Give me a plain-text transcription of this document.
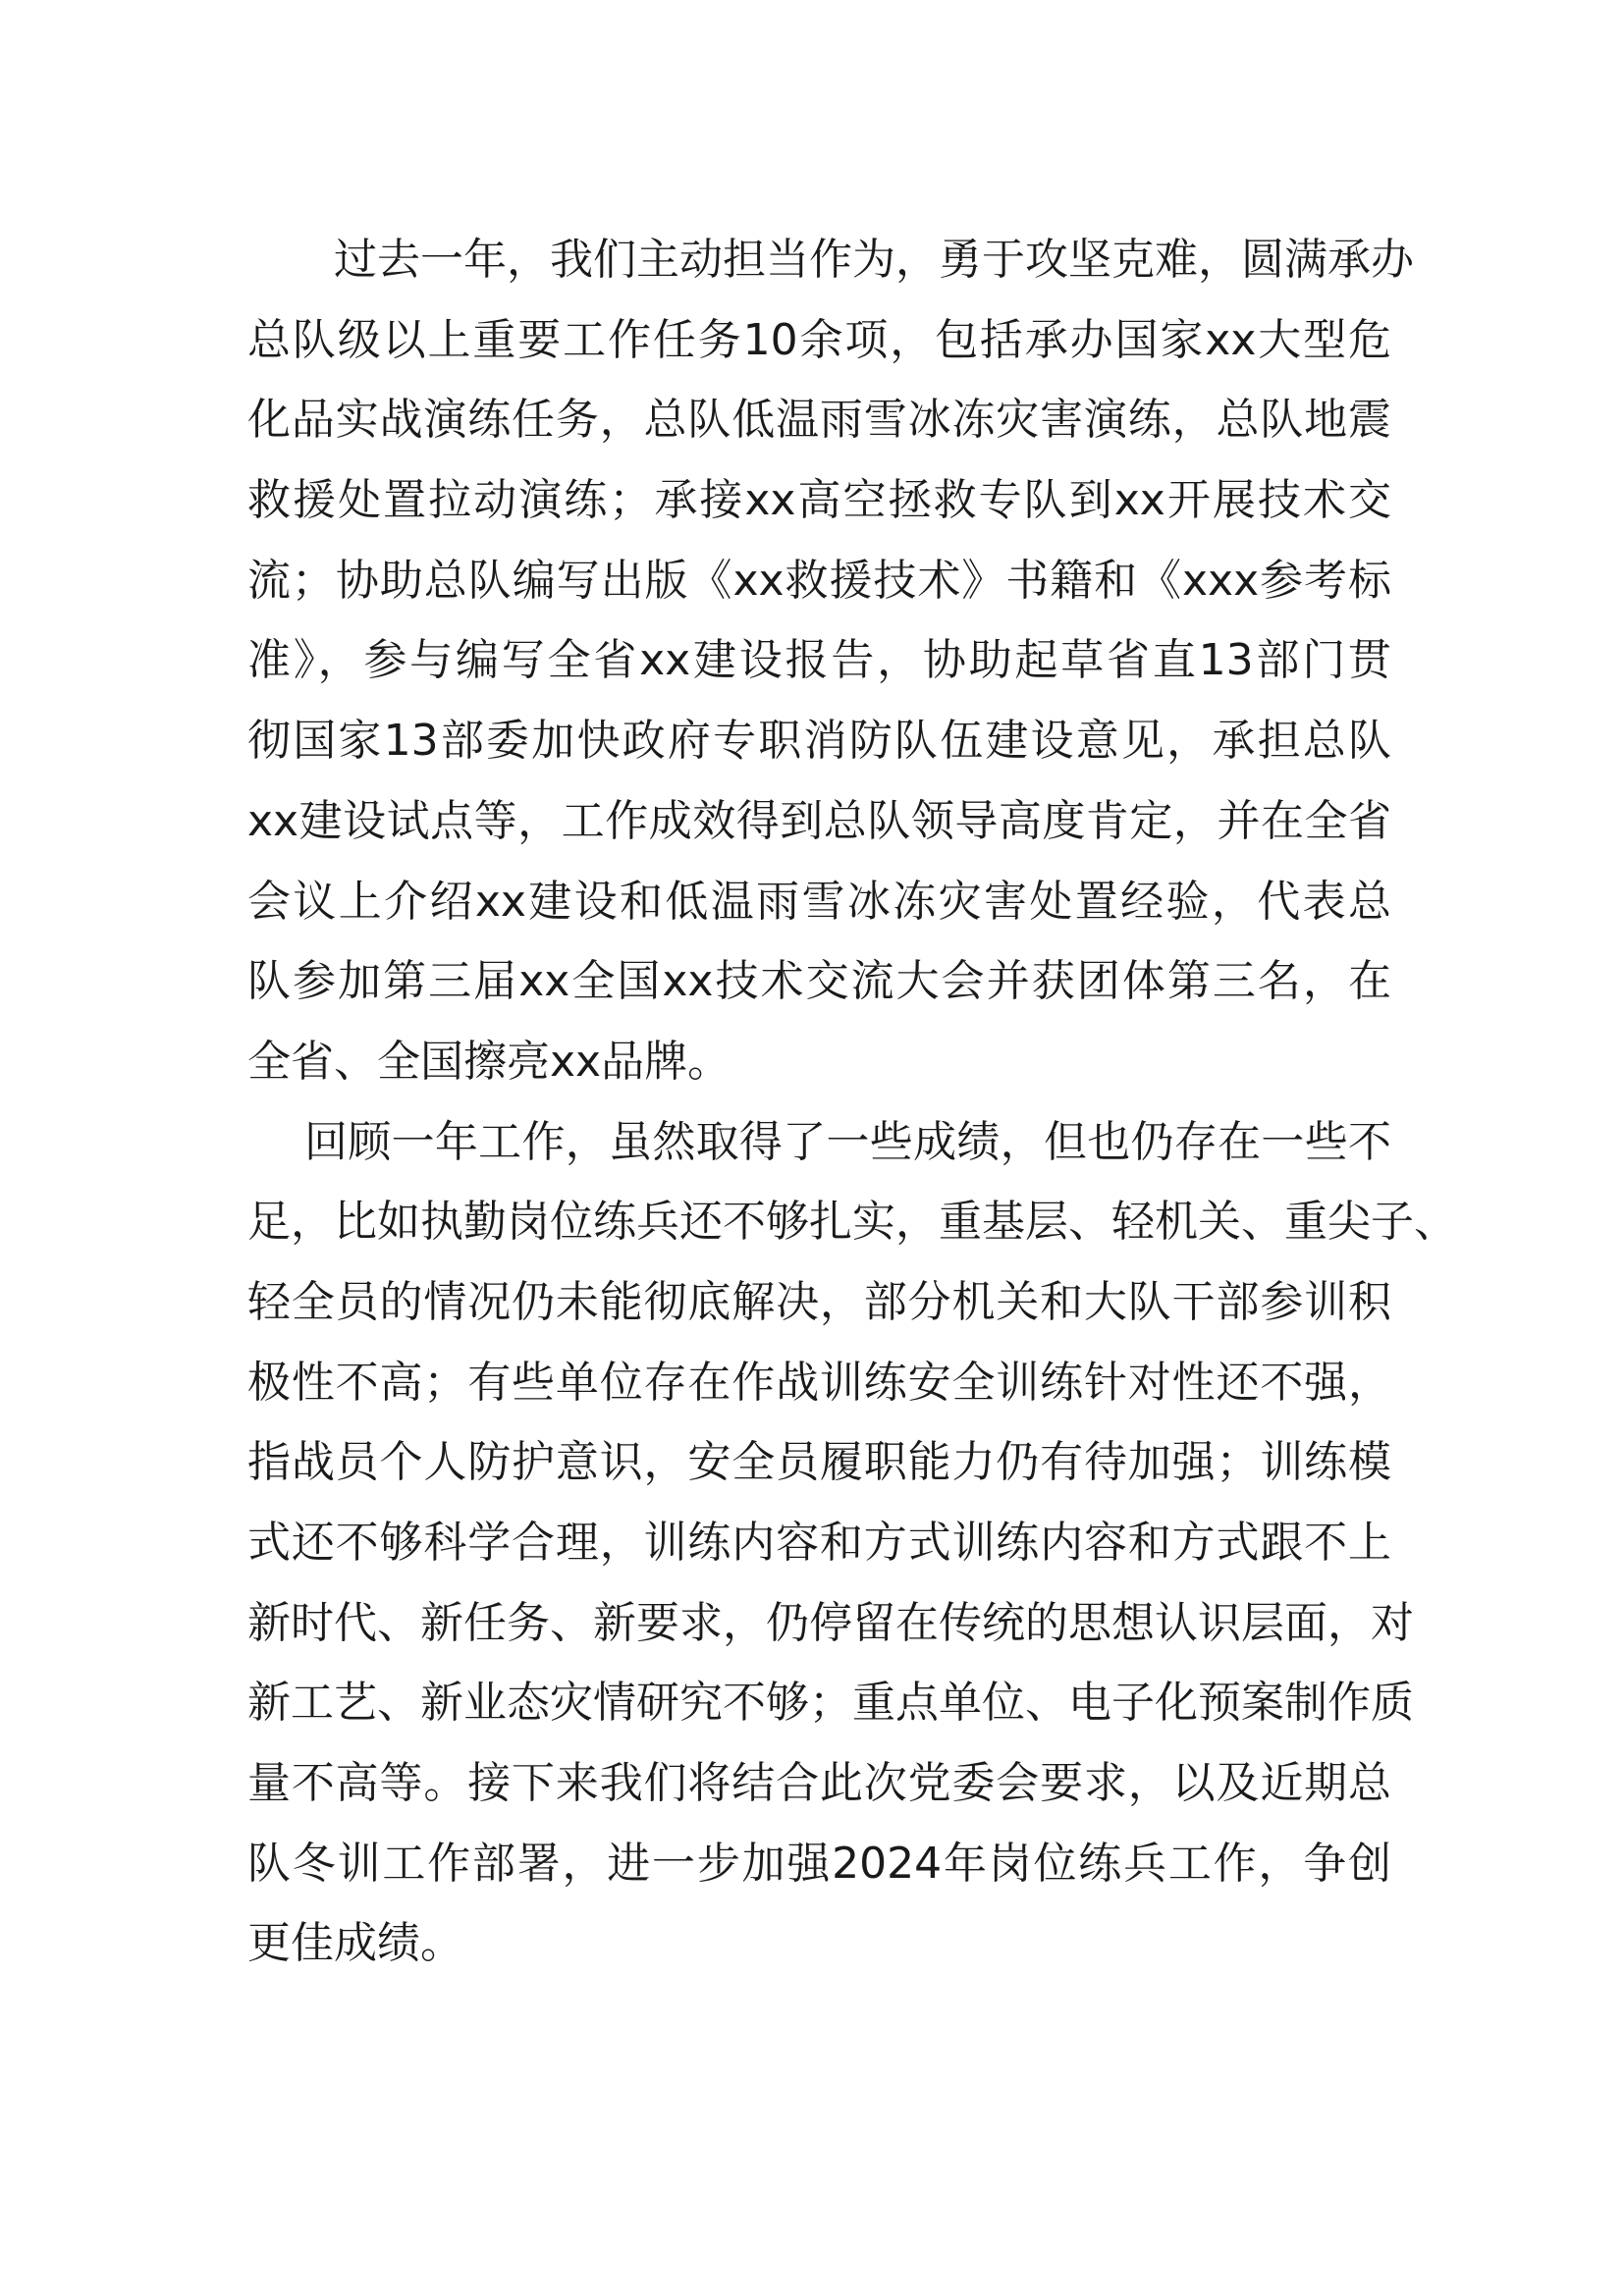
过去一年，我们主动担当作为，勇于攻坚克难，圆满承办
总队级以上重要工作任务10余项，包括承办国家xx大型危
化品实战演练任务，总队低温雨雪冰冻灾害演练，总队地震
救援处置拉动演练；承接xx高空拯救专队到xx开展技术交
流；协助总队编写出版《xx救援技术》书籍和《xxx参考标
准》，参与编写全省xx建设报告，协助起草省直13部门贯
彻国家13部委加快政府专职消防队伍建设意见，承担总队
xx建设试点等，工作成效得到总队领导高度肯定，并在全省
会议上介绍xx建设和低温雨雪冰冻灾害处置经验，代表总
队参加第三届xx全国xx技术交流大会并获团体第三名，在
全省、全国擦亮xx品牌。
回顾一年工作，虽然取得了一些成绩，但也仍存在一些不
足，比如执勤岗位练兵还不够扎实，重基层、轻机关、重尖子、
轻全员的情况仍未能彻底解决，部分机关和大队干部参训积
极性不高；有些单位存在作战训练安全训练针对性还不强，
指战员个人防护意识，安全员履职能力仍有待加强；训练模
式还不够科学合理，训练内容和方式训练内容和方式跟不上
新时代、新任务、新要求，仍停留在传统的思想认识层面，对
新工艺、新业态灾情研究不够；重点单位、电子化预案制作质
量不高等。接下来我们将结合此次党委会要求，以及近期总
队冬训工作部署，进一步加强2024年岗位练兵工作，争创
更佳成绩。
